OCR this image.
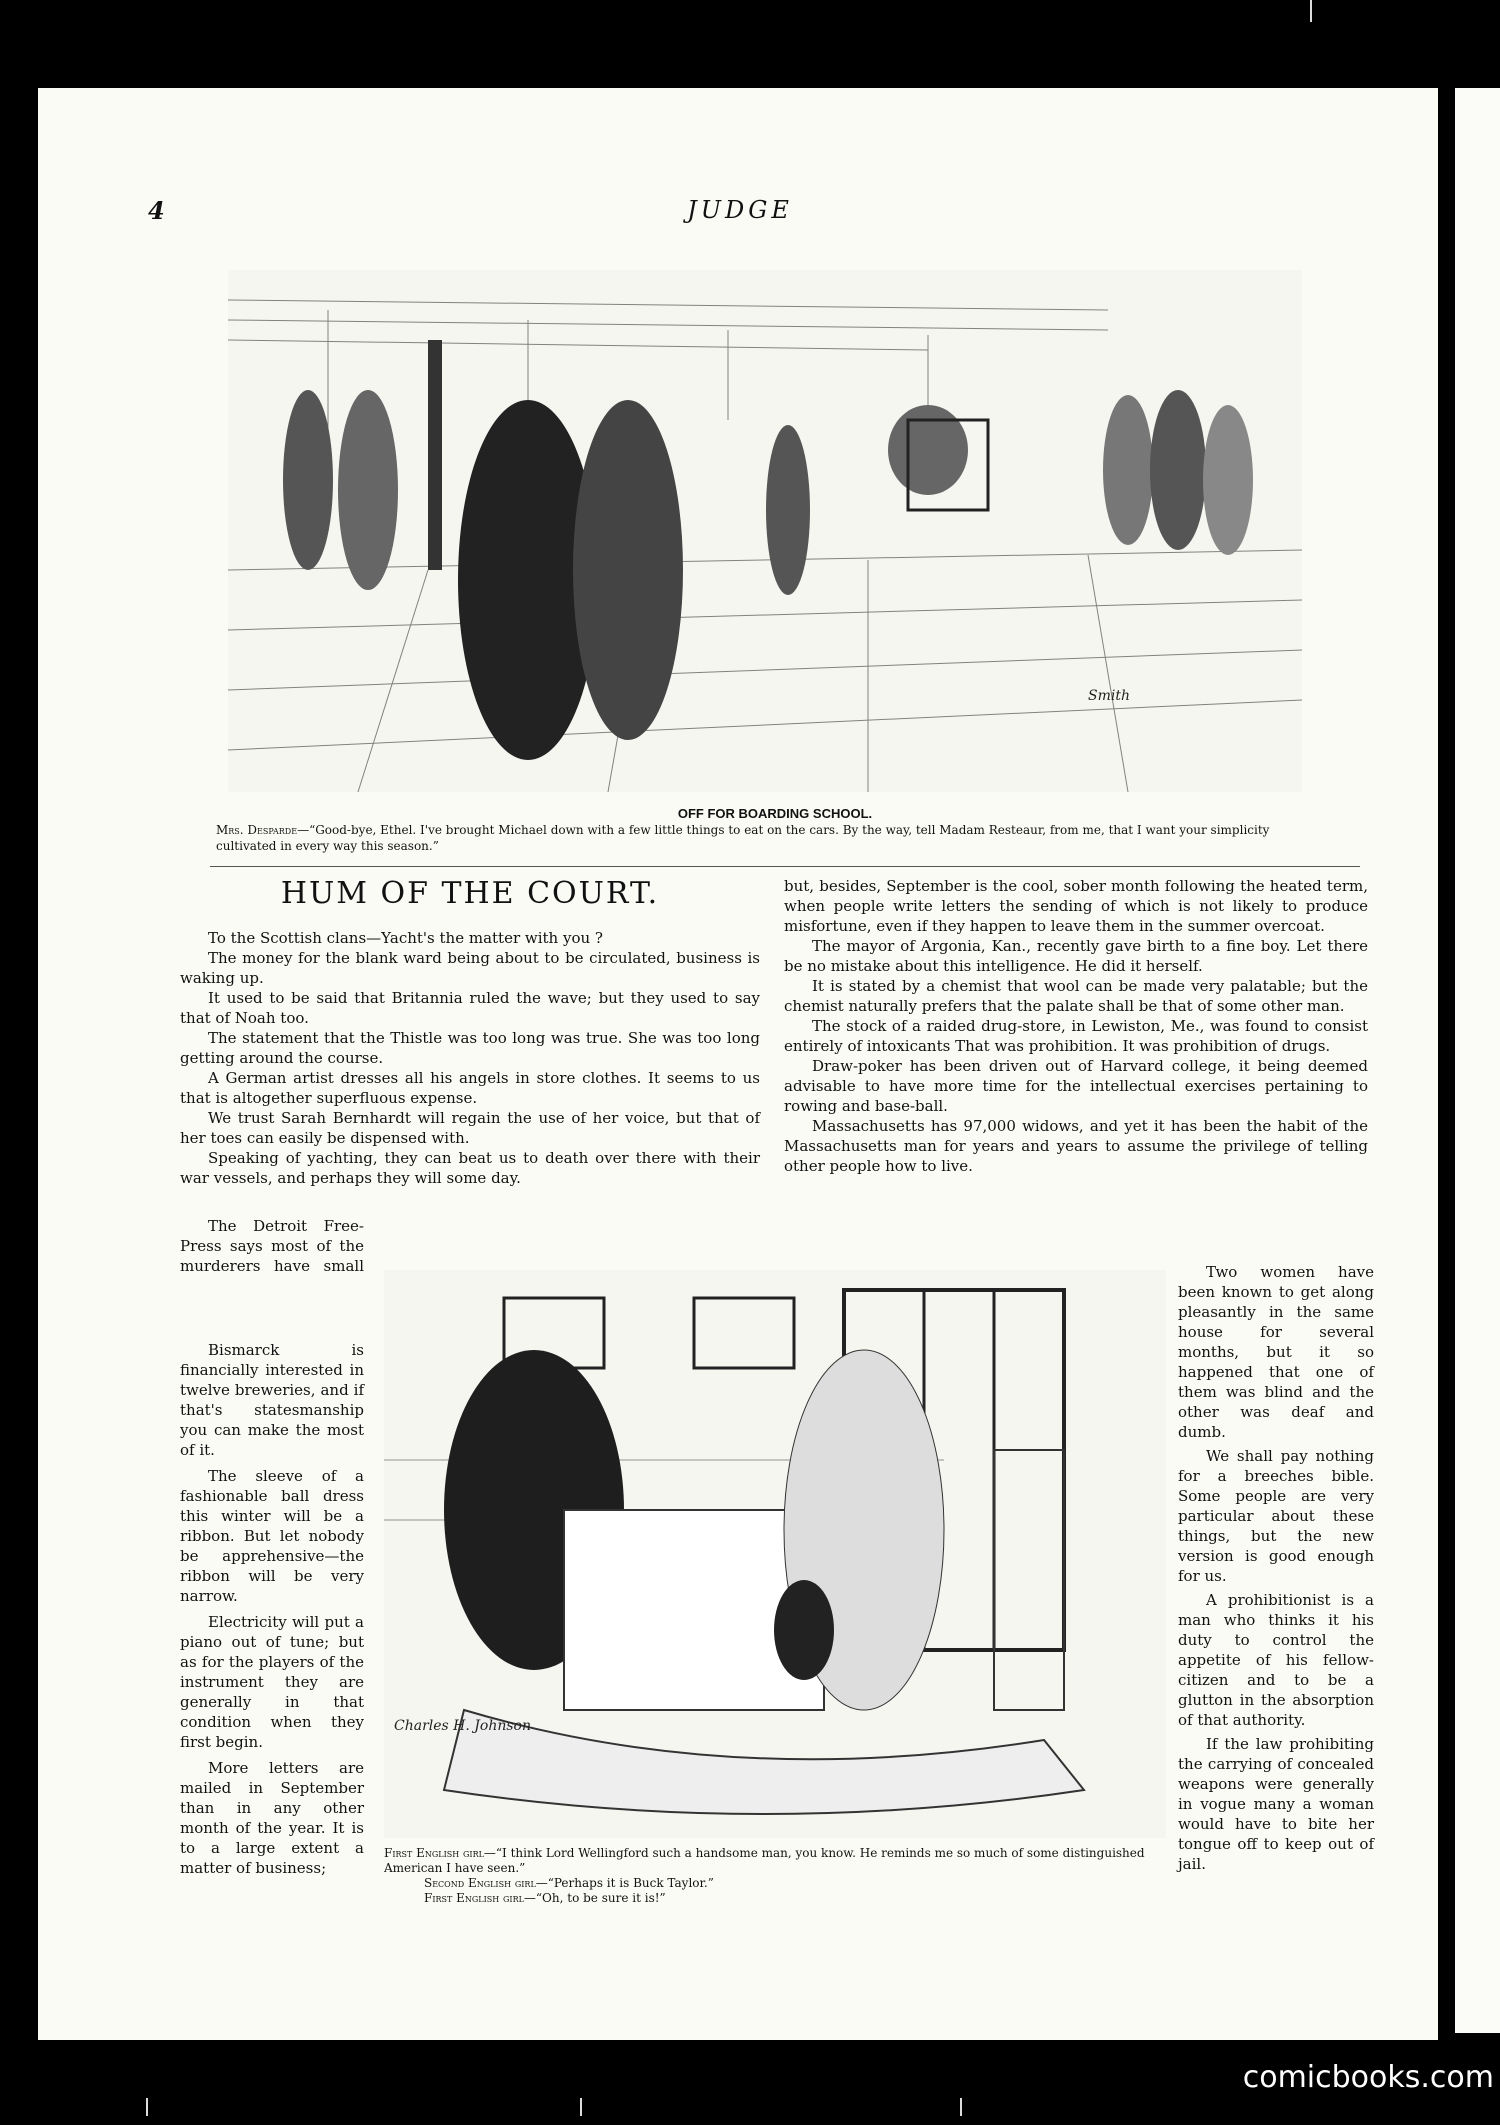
4	JUDGE
Smith
OFF FOR BOARDING SCHOOL.
Mrs. Desparde—“Good-bye, Ethel. I've brought Michael down with a few little things to eat on the cars. By the way, tell Madam Resteaur, from me, that I want your simplicity cultivated in every way this season.”
HUM OF THE COURT.

To the Scottish clans—Yacht's the matter with you ?

The money for the blank ward being about to be circulated, business is waking up.

It used to be said that Britannia ruled the wave; but they used to say that of Noah too.

The statement that the Thistle was too long was true. She was too long getting around the course.

A German artist dresses all his angels in store clothes. It seems to us that is altogether superfluous expense.

We trust Sarah Bernhardt will regain the use of her voice, but that of her toes can easily be dispensed with.

Speaking of yachting, they can beat us to death over there with their war vessels, and perhaps they will some day.

The Detroit Free-Press says most of the murderers have small

but, besides, September is the cool, sober month following the heated term, when people write letters the sending of which is not likely to produce misfortune, even if they happen to leave them in the summer overcoat.

The mayor of Argonia, Kan., recently gave birth to a fine boy. Let there be no mistake about this intelligence. He did it herself.

It is stated by a chemist that wool can be made very palatable; but the chemist naturally prefers that the palate shall be that of some other man.

The stock of a raided drug-store, in Lewiston, Me., was found to consist entirely of intoxicants That was prohibition. It was prohibition of drugs.

Draw-poker has been driven out of Harvard college, it being deemed advisable to have more time for the intellectual exercises pertaining to rowing and base-ball.

Massachusetts has 97,000 widows, and yet it has been the habit of the Massachusetts man for years and years to assume the privilege of telling other people how to live.

Bismarck is financially interested in twelve breweries, and if that's statesmanship you can make the most of it.

The sleeve of a fashionable ball dress this winter will be a ribbon. But let nobody be apprehensive—the ribbon will be very narrow.

Electricity will put a piano out of tune; but as for the players of the instrument they are generally in that condition when they first begin.

More letters are mailed in September than in any other month of the year. It is to a large extent a matter of business;

Two women have been known to get along pleasantly in the same house for several months, but it so happened that one of them was blind and the other was deaf and dumb.

We shall pay nothing for a breeches bible. Some people are very particular about these things, but the new version is good enough for us.

A prohibitionist is a man who thinks it his duty to control the appetite of his fellow-citizen and to be a glutton in the absorption of that authority.

If the law prohibiting the carrying of concealed weapons were generally in vogue many a woman would have to bite her tongue off to keep out of jail.

Charles H. Johnson

First English girl—“I think Lord Wellingford such a handsome man, you know. He reminds me so much of some distinguished American I have seen.”

Second English girl—“Perhaps it is Buck Taylor.”

First English girl—“Oh, to be sure it is!”

comicbooks.com
